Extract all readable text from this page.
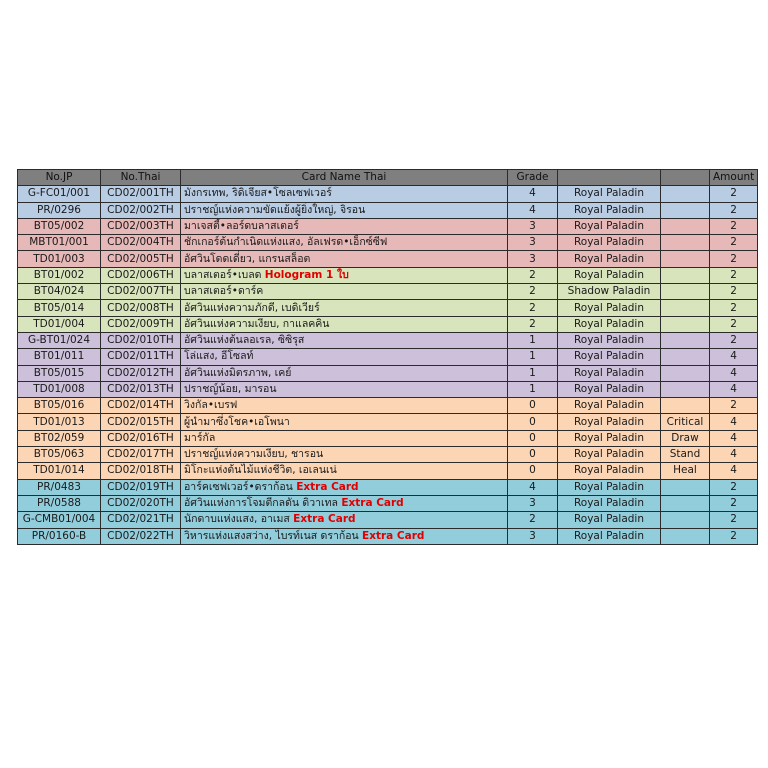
No.JP	No.Thai	Card Name Thai	Grade			Amount
G-FC01/001	CD02/001TH	มังกรเทพ, ริดิเจียส•โซลเซฟเวอร์	4	Royal Paladin		2
PR/0296	CD02/002TH	ปราชญ์แห่งความขัดแย้งผู้ยิ่งใหญ่, จิรอน	4	Royal Paladin		2
BT05/002	CD02/003TH	มาเจสตี้•ลอร์ดบลาสเตอร์	3	Royal Paladin		2
MBT01/001	CD02/004TH	ชักเกอร์ต้นกำเนิดแห่งแสง, อัลเฟรด•เอ็กซ์ซีฟ	3	Royal Paladin		2
TD01/003	CD02/005TH	อัศวินโดดเดี่ยว, แกรนสล็อต	3	Royal Paladin		2
BT01/002	CD02/006TH	บลาสเตอร์•เบลด Hologram 1 ใบ	2	Royal Paladin		2
BT04/024	CD02/007TH	บลาสเตอร์•ดาร์ค	2	Shadow Paladin		2
BT05/014	CD02/008TH	อัศวินแห่งความภักดี, เบดิเวียร์	2	Royal Paladin		2
TD01/004	CD02/009TH	อัศวินแห่งความเงียบ, กาแลคคิน	2	Royal Paladin		2
G-BT01/024	CD02/010TH	อัศวินแห่งต้นลอเรล, ซิซิรุส	1	Royal Paladin		2
BT01/011	CD02/011TH	โล่แสง, อีโซลท์	1	Royal Paladin		4
BT05/015	CD02/012TH	อัศวินแห่งมิตรภาพ, เคย์	1	Royal Paladin		4
TD01/008	CD02/013TH	ปราชญ์น้อย, มารอน	1	Royal Paladin		4
BT05/016	CD02/014TH	วิงกัล•เบรฟ	0	Royal Paladin		2
TD01/013	CD02/015TH	ผู้นำมาซึ่งโชค•เอโพนา	0	Royal Paladin	Critical	4
BT02/059	CD02/016TH	มาร์กัล	0	Royal Paladin	Draw	4
BT05/063	CD02/017TH	ปราชญ์แห่งความเงียบ, ชารอน	0	Royal Paladin	Stand	4
TD01/014	CD02/018TH	มิโกะแห่งต้นไม้แห่งชีวิต, เอเลนเน่	0	Royal Paladin	Heal	4
PR/0483	CD02/019TH	อาร์คเซฟเวอร์•ดราก้อน Extra Card	4	Royal Paladin		2
PR/0588	CD02/020TH	อัศวินแห่งการโจมตีกลดัน ดิวาเทล Extra Card	3	Royal Paladin		2
G-CMB01/004	CD02/021TH	นักดาบแห่งแสง, อาเมส Extra Card	2	Royal Paladin		2
PR/0160-B	CD02/022TH	วิหารแห่งแสงสว่าง, ไบรท์เนส ดราก้อน Extra Card	3	Royal Paladin		2
